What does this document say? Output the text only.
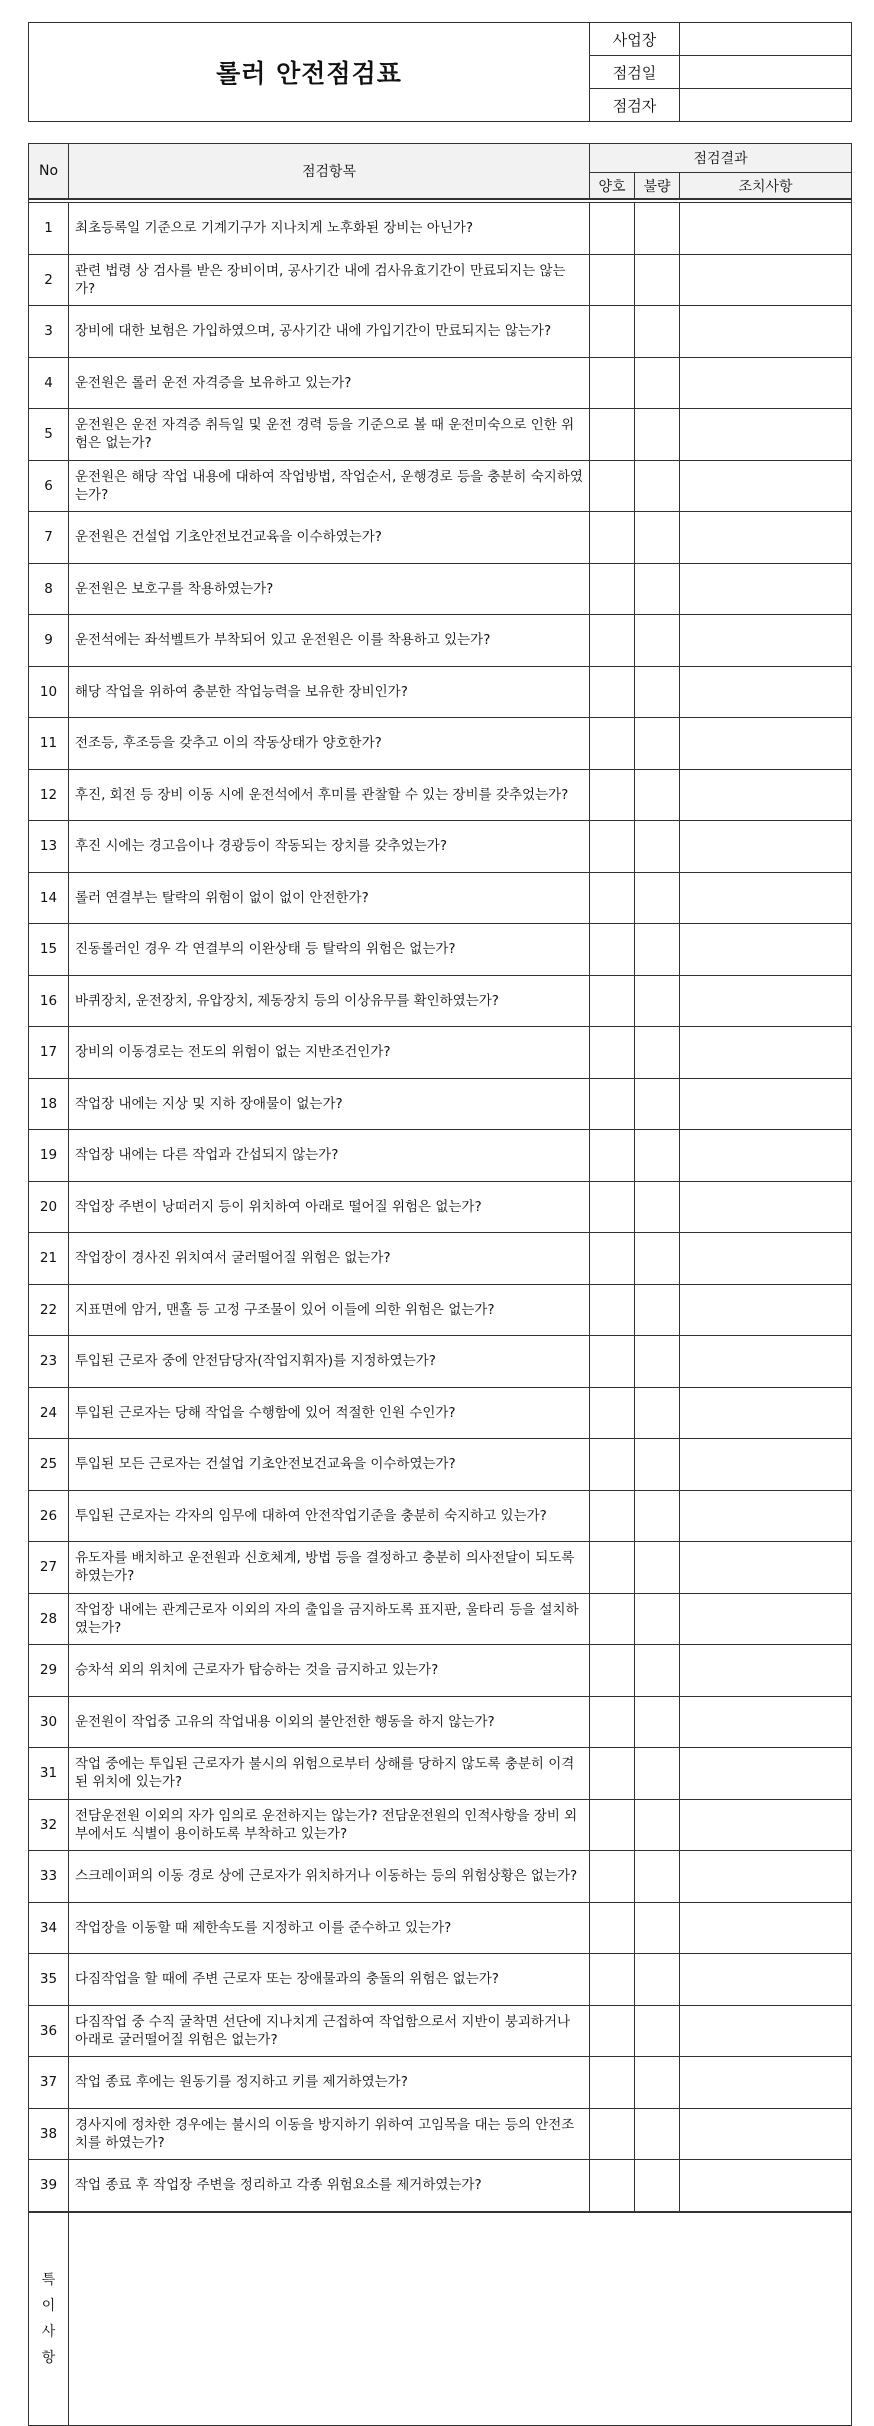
롤러 안전점검표	사업장	
	점검일	
	점검자	
No	점검항목	점검결과		
		양호	불량	조치사항

1	최초등록일 기준으로 기계기구가 지나치게 노후화된 장비는 아닌가?			
2	관련 법령 상 검사를 받은 장비이며, 공사기간 내에 검사유효기간이 만료되지는 않는가?			
3	장비에 대한 보험은 가입하였으며, 공사기간 내에 가입기간이 만료되지는 않는가?			
4	운전원은 롤러 운전 자격증을 보유하고 있는가?			
5	운전원은 운전 자격증 취득일 및 운전 경력 등을 기준으로 볼 때 운전미숙으로 인한 위험은 없는가?			
6	운전원은 해당 작업 내용에 대하여 작업방법, 작업순서, 운행경로 등을 충분히 숙지하였는가?			
7	운전원은 건설업 기초안전보건교육을 이수하였는가?			
8	운전원은 보호구를 착용하였는가?			
9	운전석에는 좌석벨트가 부착되어 있고 운전원은 이를 착용하고 있는가?			
10	해당 작업을 위하여 충분한 작업능력을 보유한 장비인가?			
11	전조등, 후조등을 갖추고 이의 작동상태가 양호한가?			
12	후진, 회전 등 장비 이동 시에 운전석에서 후미를 관찰할 수 있는 장비를 갖추었는가?			
13	후진 시에는 경고음이나 경광등이 작동되는 장치를 갖추었는가?			
14	롤러 연결부는 탈락의 위험이 없이 없이 안전한가?			
15	진동롤러인 경우 각 연결부의 이완상태 등 탈락의 위험은 없는가?			
16	바퀴장치, 운전장치, 유압장치, 제동장치 등의 이상유무를 확인하였는가?			
17	장비의 이동경로는 전도의 위험이 없는 지반조건인가?			
18	작업장 내에는 지상 및 지하 장애물이 없는가?			
19	작업장 내에는 다른 작업과 간섭되지 않는가?			
20	작업장 주변이 낭떠러지 등이 위치하여 아래로 떨어질 위험은 없는가?			
21	작업장이 경사진 위치여서 굴러떨어질 위험은 없는가?			
22	지표면에 암거, 맨홀 등 고정 구조물이 있어 이들에 의한 위험은 없는가?			
23	투입된 근로자 중에 안전담당자(작업지휘자)를 지정하였는가?			
24	투입된 근로자는 당해 작업을 수행함에 있어 적절한 인원 수인가?			
25	투입된 모든 근로자는 건설업 기초안전보건교육을 이수하였는가?			
26	투입된 근로자는 각자의 임무에 대하여 안전작업기준을 충분히 숙지하고 있는가?			
27	유도자를 배치하고 운전원과 신호체계, 방법 등을 결정하고 충분히 의사전달이 되도록 하였는가?			
28	작업장 내에는 관계근로자 이외의 자의 출입을 금지하도록 표지판, 울타리 등을 설치하였는가?			
29	승차석 외의 위치에 근로자가 탑승하는 것을 금지하고 있는가?			
30	운전원이 작업중 고유의 작업내용 이외의 불안전한 행동을 하지 않는가?			
31	작업 중에는 투입된 근로자가 불시의 위험으로부터 상해를 당하지 않도록 충분히 이격된 위치에 있는가?			
32	전담운전원 이외의 자가 임의로 운전하지는 않는가? 전담운전원의 인적사항을 장비 외부에서도 식별이 용이하도록 부착하고 있는가?			
33	스크레이퍼의 이동 경로 상에 근로자가 위치하거나 이동하는 등의 위험상황은 없는가?			
34	작업장을 이동할 때 제한속도를 지정하고 이를 준수하고 있는가?			
35	다짐작업을 할 때에 주변 근로자 또는 장애물과의 충돌의 위험은 없는가?			
36	다짐작업 중 수직 굴착면 선단에 지나치게 근접하여 작업함으로서 지반이 붕괴하거나 아래로 굴러떨어질 위험은 없는가?			
37	작업 종료 후에는 원동기를 정지하고 키를 제거하였는가?			
38	경사지에 정차한 경우에는 불시의 이동을 방지하기 위하여 고임목을 대는 등의 안전조치를 하였는가?			
39	작업 종료 후 작업장 주변을 정리하고 각종 위험요소를 제거하였는가?			
특이사항				
